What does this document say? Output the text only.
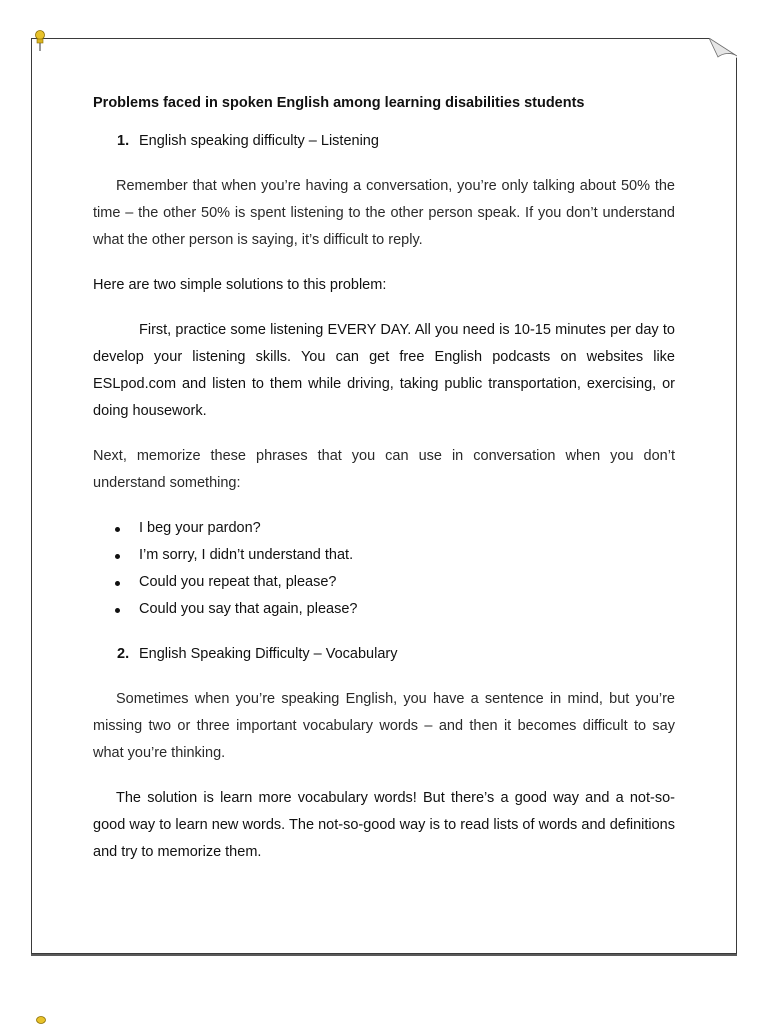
Problems faced in spoken English among learning disabilities students
1. English speaking difficulty – Listening

Remember that when you’re having a conversation, you’re only talking about 50% the time – the other 50% is spent listening to the other person speak. If you don’t understand what the other person is saying, it’s difficult to reply.

Here are two simple solutions to this problem:

First, practice some listening EVERY DAY. All you need is 10-15 minutes per day to develop your listening skills. You can get free English podcasts on websites like ESLpod.com and listen to them while driving, taking public transportation, exercising, or doing housework.

Next, memorize these phrases that you can use in conversation when you don’t understand something:

I beg your pardon?
I’m sorry, I didn’t understand that.
Could you repeat that, please?
Could you say that again, please?
2. English Speaking Difficulty – Vocabulary

Sometimes when you’re speaking English, you have a sentence in mind, but you’re missing two or three important vocabulary words – and then it becomes difficult to say what you’re thinking.

The solution is learn more vocabulary words! But there’s a good way and a not-so-good way to learn new words. The not-so-good way is to read lists of words and definitions and try to memorize them.
